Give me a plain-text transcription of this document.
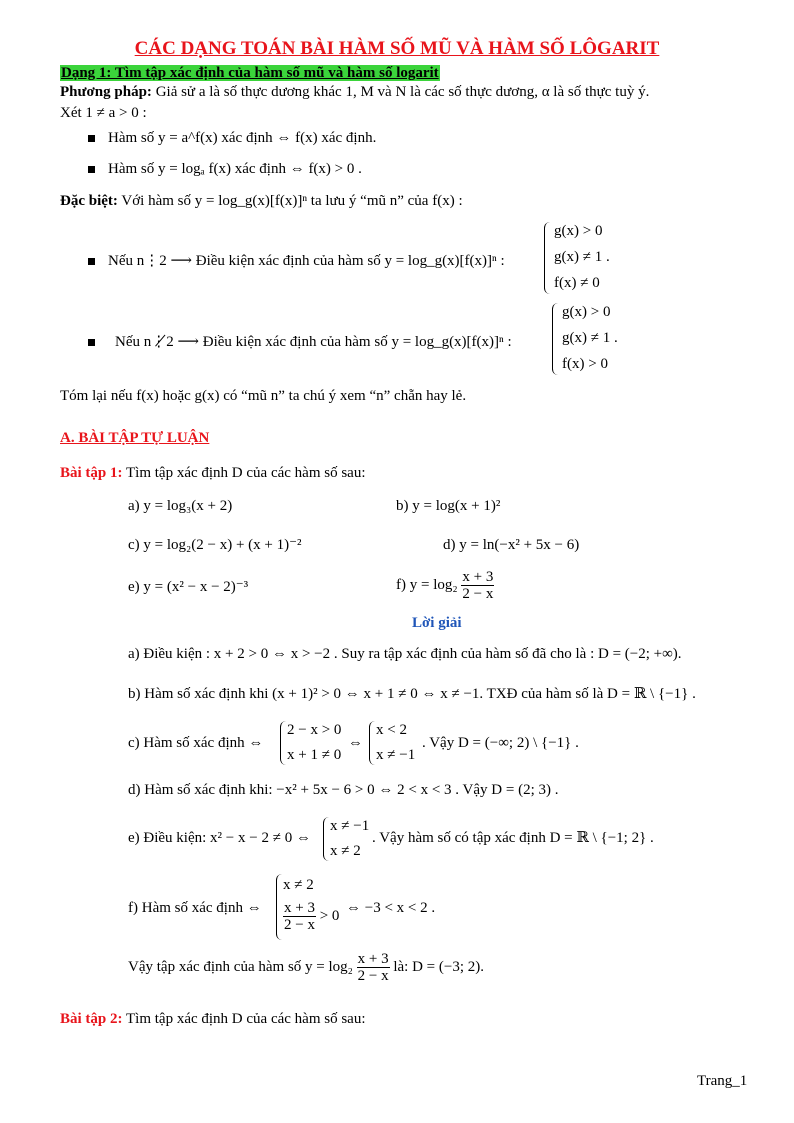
CÁC DẠNG TOÁN BÀI HÀM SỐ MŨ VÀ HÀM SỐ LÔGARIT
Dạng 1: Tìm tập xác định của hàm số mũ và hàm số logarit
Phương pháp: Giả sử a là số thực dương khác 1, M và N là các số thực dương, α là số thực tuỳ ý.
Xét 1 ≠ a > 0 :
Hàm số y = a^f(x) xác định ⇔ f(x) xác định.
Hàm số y = logₐ f(x) xác định ⇔ f(x) > 0 .
Đặc biệt: Với hàm số y = log_g(x)[f(x)]ⁿ ta lưu ý “mũ n” của f(x) :
Nếu n⋮2 ⟶ Điều kiện xác định của hàm số y = log_g(x)[f(x)]ⁿ :
g(x) > 0
g(x) ≠ 1 .
f(x) ≠ 0
Nếu n⋮̸2 ⟶ Điều kiện xác định của hàm số y = log_g(x)[f(x)]ⁿ :
g(x) > 0
g(x) ≠ 1 .
f(x) > 0
Tóm lại nếu f(x) hoặc g(x) có “mũ n” ta chú ý xem “n” chẵn hay lẻ.
A. BÀI TẬP TỰ LUẬN
Bài tập 1: Tìm tập xác định D của các hàm số sau:
a) y = log₃(x + 2)	b) y = log(x + 1)²
c) y = log₂(2 − x) + (x + 1)⁻²	d) y = ln(−x² + 5x − 6)
e) y = (x² − x − 2)⁻³	f) $y = \log_2 \frac{x + 3}{2 - x}$
Lời giải
a) Điều kiện : x + 2 > 0 ⇔ x > −2 . Suy ra tập xác định của hàm số đã cho là : D = (−2; +∞).
b) Hàm số xác định khi (x + 1)² > 0 ⇔ x + 1 ≠ 0 ⇔ x ≠ −1. TXĐ của hàm số là D = ℝ \ {−1} .
c) Hàm số xác định ⇔
2 − x > 0
x + 1 ≠ 0
⇔
x < 2
x ≠ −1
. Vậy D = (−∞; 2) \ {−1} .
d) Hàm số xác định khi: −x² + 5x − 6 > 0 ⇔ 2 < x < 3 . Vậy D = (2; 3) .
e) Điều kiện: x² − x − 2 ≠ 0 ⇔
x ≠ −1
x ≠ 2
. Vậy hàm số có tập xác định D = ℝ \ {−1; 2} .
f) Hàm số xác định ⇔
x ≠ 2
$\frac{x + 3}{2 - x} > 0$ ⇔ −3 < x < 2 .
Vậy tập xác định của hàm số $y = \log_2 \frac{x + 3}{2 - x}$ là: D = (−3; 2).
Bài tập 2: Tìm tập xác định D của các hàm số sau:
Trang_1
